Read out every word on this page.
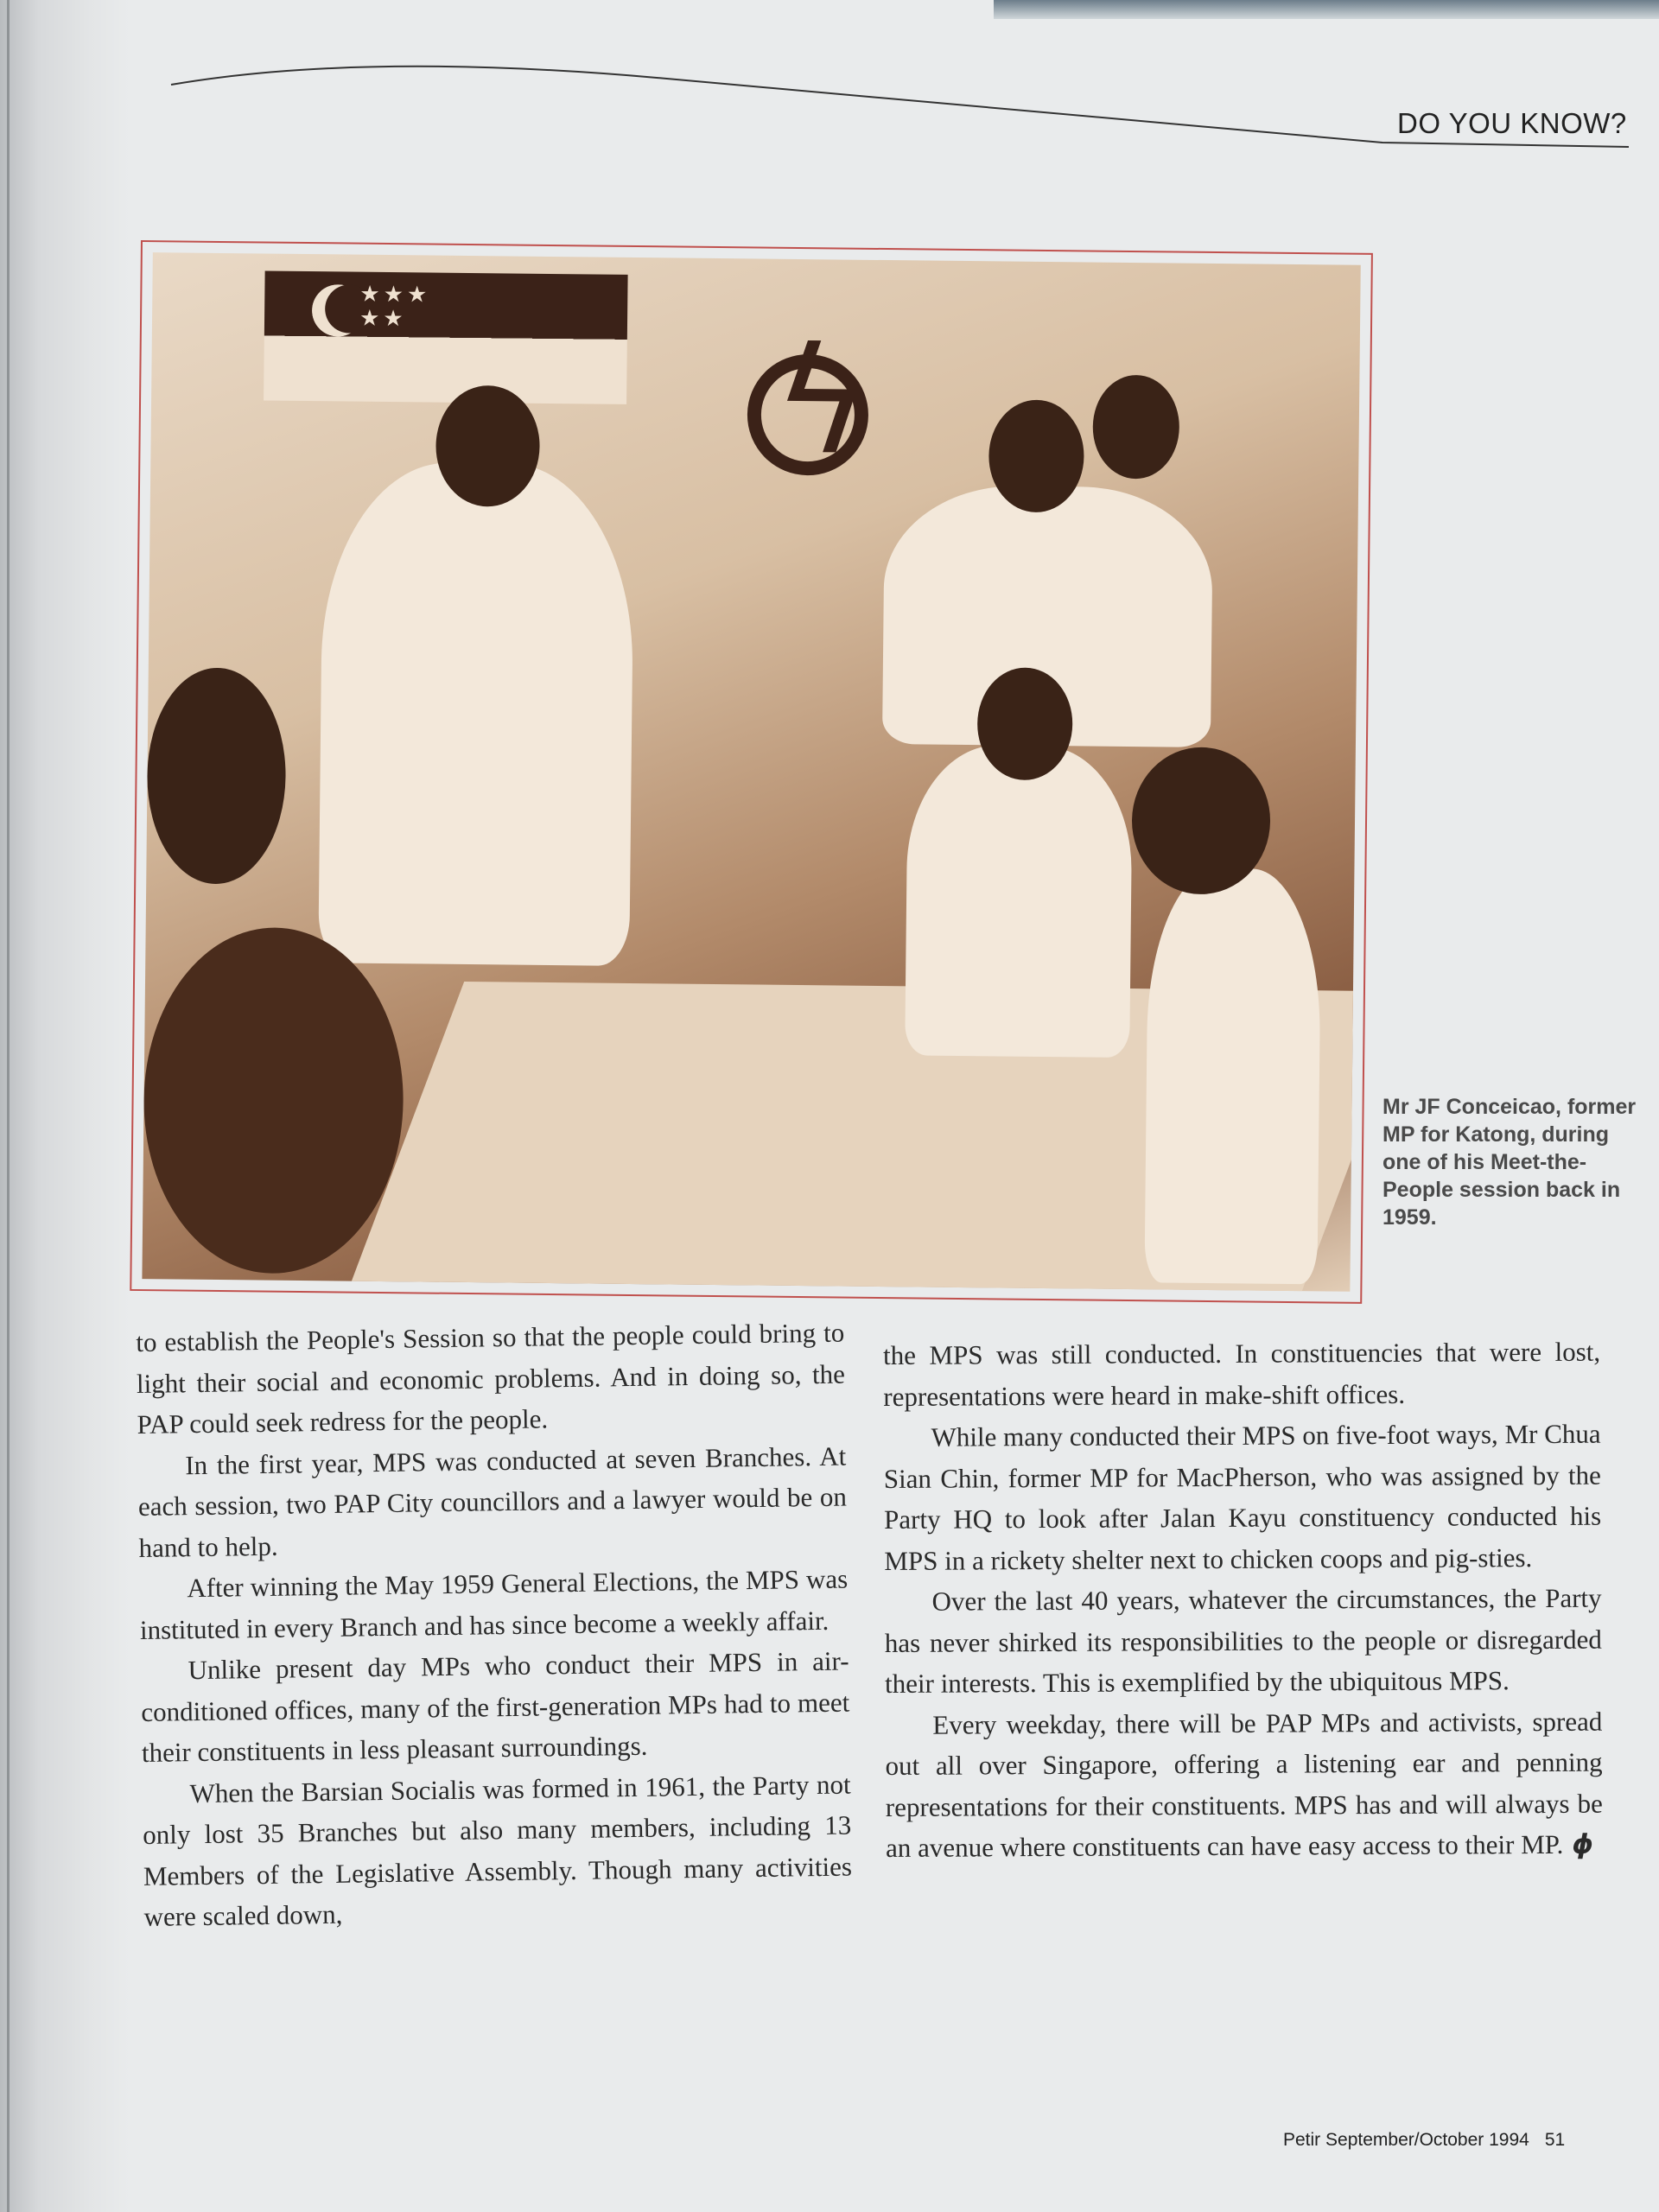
DO YOU KNOW?
★★★ ★★ ϟ
Mr JF Conceicao, former MP for Katong, during one of his Meet-the-People session back in 1959.

to establish the People's Session so that the people could bring to light their social and economic problems. And in doing so, the PAP could seek redress for the people.

In the first year, MPS was conducted at seven Branches. At each session, two PAP City councillors and a lawyer would be on hand to help.

After winning the May 1959 General Elections, the MPS was instituted in every Branch and has since become a weekly affair.

Unlike present day MPs who conduct their MPS in air-conditioned offices, many of the first-generation MPs had to meet their constituents in less pleasant surroundings.

When the Barsian Socialis was formed in 1961, the Party not only lost 35 Branches but also many members, including 13 Members of the Legislative Assembly. Though many activities were scaled down,

the MPS was still conducted. In constituencies that were lost, representations were heard in make-shift offices.

While many conducted their MPS on five-foot ways, Mr Chua Sian Chin, former MP for MacPherson, who was assigned by the Party HQ to look after Jalan Kayu constituency conducted his MPS in a rickety shelter next to chicken coops and pig-sties.

Over the last 40 years, whatever the circumstances, the Party has never shirked its responsibilities to the people or disregarded their interests. This is exemplified by the ubiquitous MPS.

Every weekday, there will be PAP MPs and activists, spread out all over Singapore, offering a listening ear and penning representations for their constituents. MPS has and will always be an avenue where constituents can have easy access to their MP. ϕ

Petir September/October 1994 51
